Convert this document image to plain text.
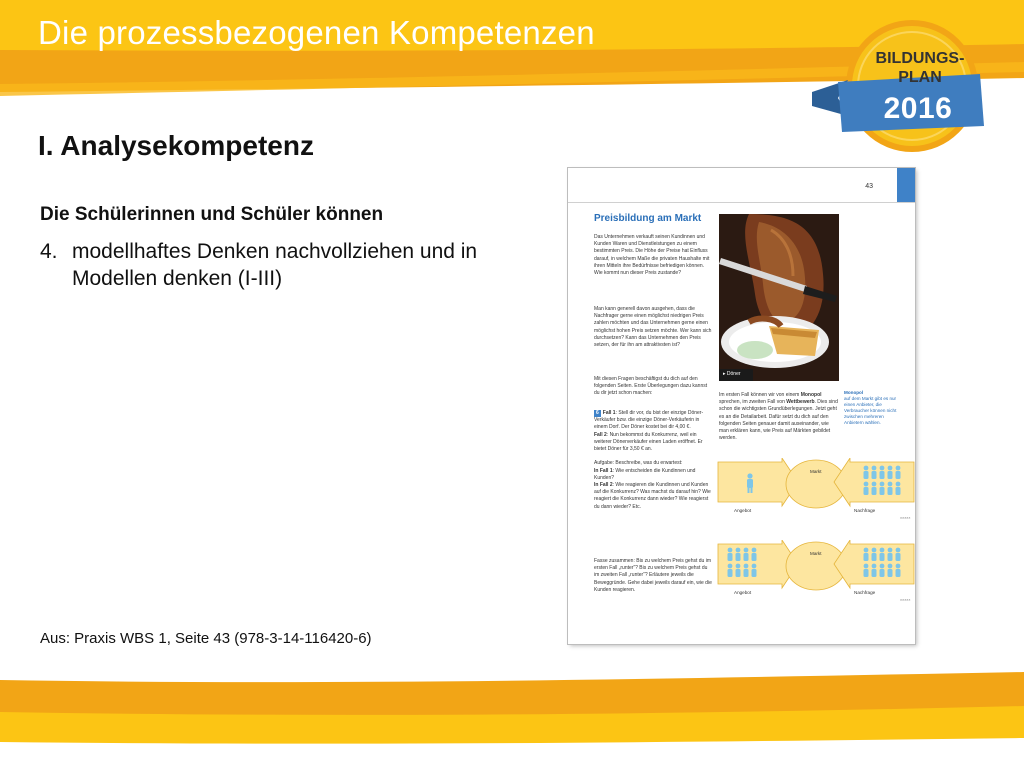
Die prozessbezogenen Kompetenzen
BILDUNGS-
PLAN
2016
I. Analysekompetenz
Die Schülerinnen und Schüler können

4. modellhaftes Denken nachvollziehen und in Modellen denken (I-III)

Aus: Praxis WBS 1, Seite 43 (978-3-14-116420-6)

43
Preisbildung am Markt

Das Unternehmen verkauft seinen Kundinnen und Kunden Waren und Dienstleistungen zu einem bestimmten Preis. Die Höhe der Preise hat Einfluss darauf, in welchem Maße die privaten Haushalte mit ihren Mitteln ihre Bedürfnisse befriedigen können. Wie kommt nun dieser Preis zustande?

Man kann generell davon ausgehen, dass die Nachfrager gerne einen möglichst niedrigen Preis zahlen möchten und das Unternehmen gerne einen möglichst hohen Preis setzen möchte. Wer kann sich durchsetzen? Kann das Unternehmen den Preis setzen, der für ihn am attraktivsten ist?

Mit diesen Fragen beschäftigst du dich auf den folgenden Seiten. Erste Überlegungen dazu kannst du dir jetzt schon machen:

6 Fall 1: Stell dir vor, du bist der einzige Döner-Verkäufer bzw. die einzige Döner-Verkäuferin in einem Dorf. Der Döner kostet bei dir 4,00 €.
Fall 2: Nun bekommst du Konkurrenz, weil ein weiterer Dönerverkäufer einen Laden eröffnet. Er bietet Döner für 3,50 € an.

Aufgabe: Beschreibe, was du erwartest:
In Fall 1: Wie entscheiden die Kundinnen und Kunden?
In Fall 2: Wie reagieren die Kundinnen und Kunden auf die Konkurrenz? Was machst du darauf hin? Wie reagiert die Konkurrenz dann wieder? Wie reagierst du dann wieder? Etc.

Fasse zusammen: Bis zu welchem Preis gehst du im ersten Fall „runter“? Bis zu welchem Preis gehst du im zweiten Fall „runter“? Erläutere jeweils die Beweggründe. Gehe dabei jeweils darauf ein, wie die Kunden reagieren.

▸ Döner

Im ersten Fall können wir von einem Monopol sprechen, im zweiten Fall von Wettbewerb. Dies sind schon die wichtigsten Grundüberlegungen. Jetzt geht es an die Detailarbeit. Dafür setzt du dich auf den folgenden Seiten genauer damit auseinander, wie man erklären kann, wie Preis auf Märkten gebildet werden.

Monopol
auf dem Markt gibt es nur einen Anbieter, die Verbraucher können nicht zwischen mehreren Anbietern wählen.

Markt
Angebot	Nachfrage
×××××
Markt
Angebot	Nachfrage
×××××
